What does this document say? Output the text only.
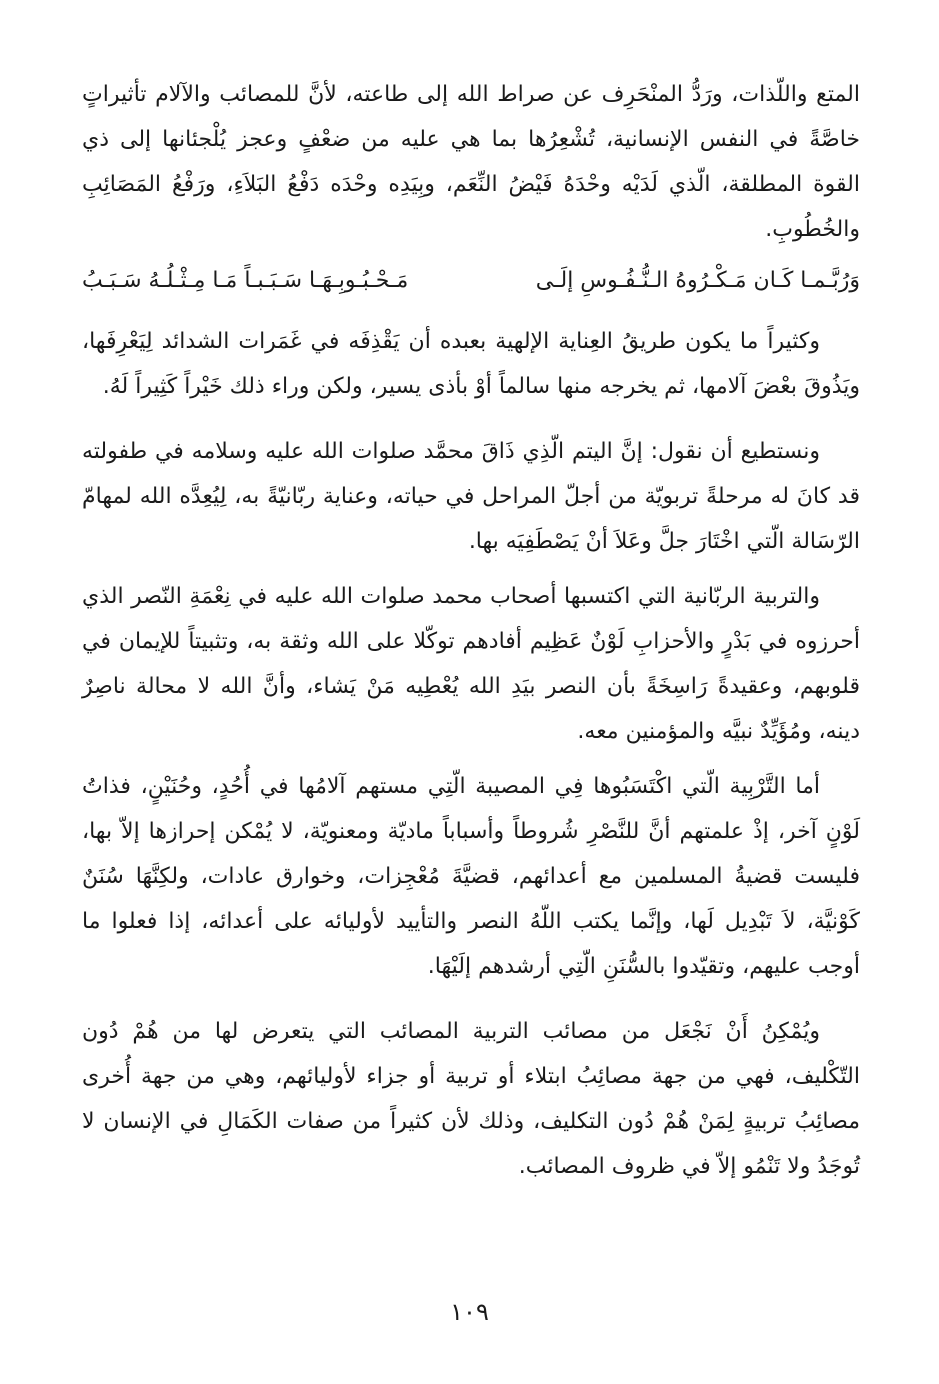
المتع واللّذات، ورَدُّ المنْحَرِف عن صراط الله إلى طاعته، لأنَّ للمصائب والآلام تأثيراتٍ خاصَّةً في النفس الإنسانية، تُشْعِرُها بما هي عليه من ضعْفٍ وعجز يُلْجئانها إلى ذي القوة المطلقة، الّذي لَدَيْه وحْدَهُ فَيْضُ النِّعَم، وبِيَدِه وحْدَه دَفْعُ البَلاَءِ، ورَفْعُ المَصَائِبِ والخُطُوبِ.

وَرُبَّـمـا كَـان مَـكْـرُوهُ الـنُّـفُـوسِ إلَـى
مَـحْـبُـوبِـهَـا سَـبَـبـاً مَـا مِـثْـلُـهُ سَـبَـبُ

وكثيراً ما يكون طريقُ العِناية الإلهية بعبده أن يَقْذِفَه في غَمَرات الشدائد لِيَعْرِفَها، ويَذُوقَ بعْضَ آلامها، ثم يخرجه منها سالماً أوْ بأذى يسير، ولكن وراء ذلك خَيْراً كَثِيراً لَهُ.

ونستطيع أن نقول: إنَّ اليتم الّذِي ذَاقَ محمَّد صلوات الله عليه وسلامه في طفولته قد كانَ له مرحلةً تربويّة من أجلّ المراحل في حياته، وعناية ربّانيّةً به، لِيُعِدَّه الله لمهامّ الرّسَالة الّتي اخْتَارَ جلَّ وعَلاَ أنْ يَصْطَفِيَه بها.

والتربية الربّانية التي اكتسبها أصحاب محمد صلوات الله عليه في نِعْمَةِ النّصر الذي أحرزوه في بَدْرٍ والأحزابِ لَوْنٌ عَظِيم أفادهم توكّلا على الله وثقة به، وتثبيتاً للإيمان في قلوبهم، وعقيدةً رَاسِخَةً بأن النصر بيَدِ الله يُعْطِيه مَنْ يَشاء، وأنَّ الله لا محالة ناصِرٌ دينه، ومُؤَيِّدٌ نبيَّه والمؤمنين معه.

أما التَّرْبِية الّتي اكْتَسَبُوها فِي المصيبة الّتِي مستهم آلامُها في أُحُدٍ، وحُنَيْنٍ، فذاتُ لَوْنٍ آخر، إذْ علمتهم أنَّ للنَّصْرِ شُروطاً وأسباباً ماديّة ومعنويّة، لا يُمْكن إحرازها إلاّ بها، فليست قضيةُ المسلمين مع أعدائهم، قضيَّةَ مُعْجِزات، وخوارق عادات، ولكِنَّهَا سُنَنٌ كَوْنيَّة، لاَ تَبْدِيل لَها، وإنَّما يكتب اللّهُ النصر والتأييد لأوليائه على أعدائه، إذا فعلوا ما أوجب عليهم، وتقيّدوا بالسُّنَنِ الّتِي أرشدهم إلَيْهَا.

ويُمْكِنُ أَنْ نَجْعَل من مصائب التربية المصائب التي يتعرض لها من هُمْ دُون التّكْليف، فهي من جهة مصائِبُ ابتلاء أو تربية أو جزاء لأوليائهم، وهي من جهة أُخرى مصائِبُ تربيةٍ لِمَنْ هُمْ دُون التكليف، وذلك لأن كثيراً من صفات الكَمَالِ في الإنسان لا تُوجَدُ ولا تَنْمُو إلاّ في ظروف المصائب.

١٠٩
